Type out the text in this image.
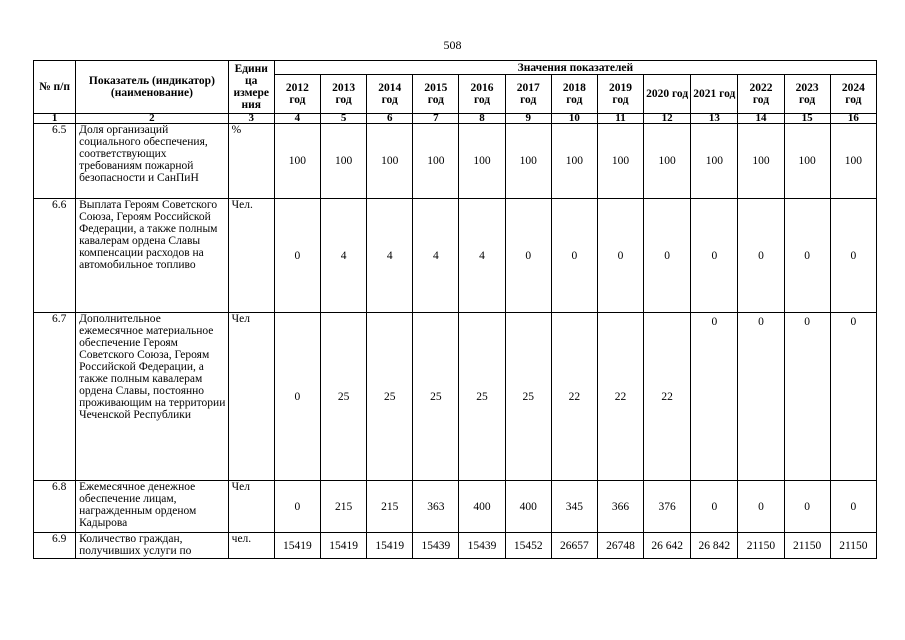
508
№ п/п	Показатель (индикатор) (наименование)	Едини ца измере ния	Значения показателей												
			2012 год	2013 год	2014 год	2015 год	2016 год	2017 год	2018 год	2019 год	2020 год	2021 год	2022 год	2023 год	2024 год
1	2	3	4	5	6	7	8	9	10	11	12	13	14	15	16
6.5	Доля организаций социального обеспечения, соответствующих требованиям пожарной безопасности и СанПиН	%	100	100	100	100	100	100	100	100	100	100	100	100	100
6.6	Выплата Героям Советского Союза, Героям Российской Федерации, а также полным кавалерам ордена Славы компенсации расходов на автомобильное топливо	Чел.	0	4	4	4	4	0	0	0	0	0	0	0	0
6.7	Дополнительное ежемесячное материальное обеспечение Героям Советского Союза, Героям Российской Федерации, а также полным кавалерам ордена Славы, постоянно проживающим на территории Чеченской Республики	Чел	0	25	25	25	25	25	22	22	22	0	0	0	0
6.8	Ежемесячное денежное обеспечение лицам, награжденным орденом Кадырова	Чел	0	215	215	363	400	400	345	366	376	0	0	0	0
6.9	Количество граждан, получивших услуги по	чел.	15419	15419	15419	15439	15439	15452	26657	26748	26 642	26 842	21150	21150	21150
